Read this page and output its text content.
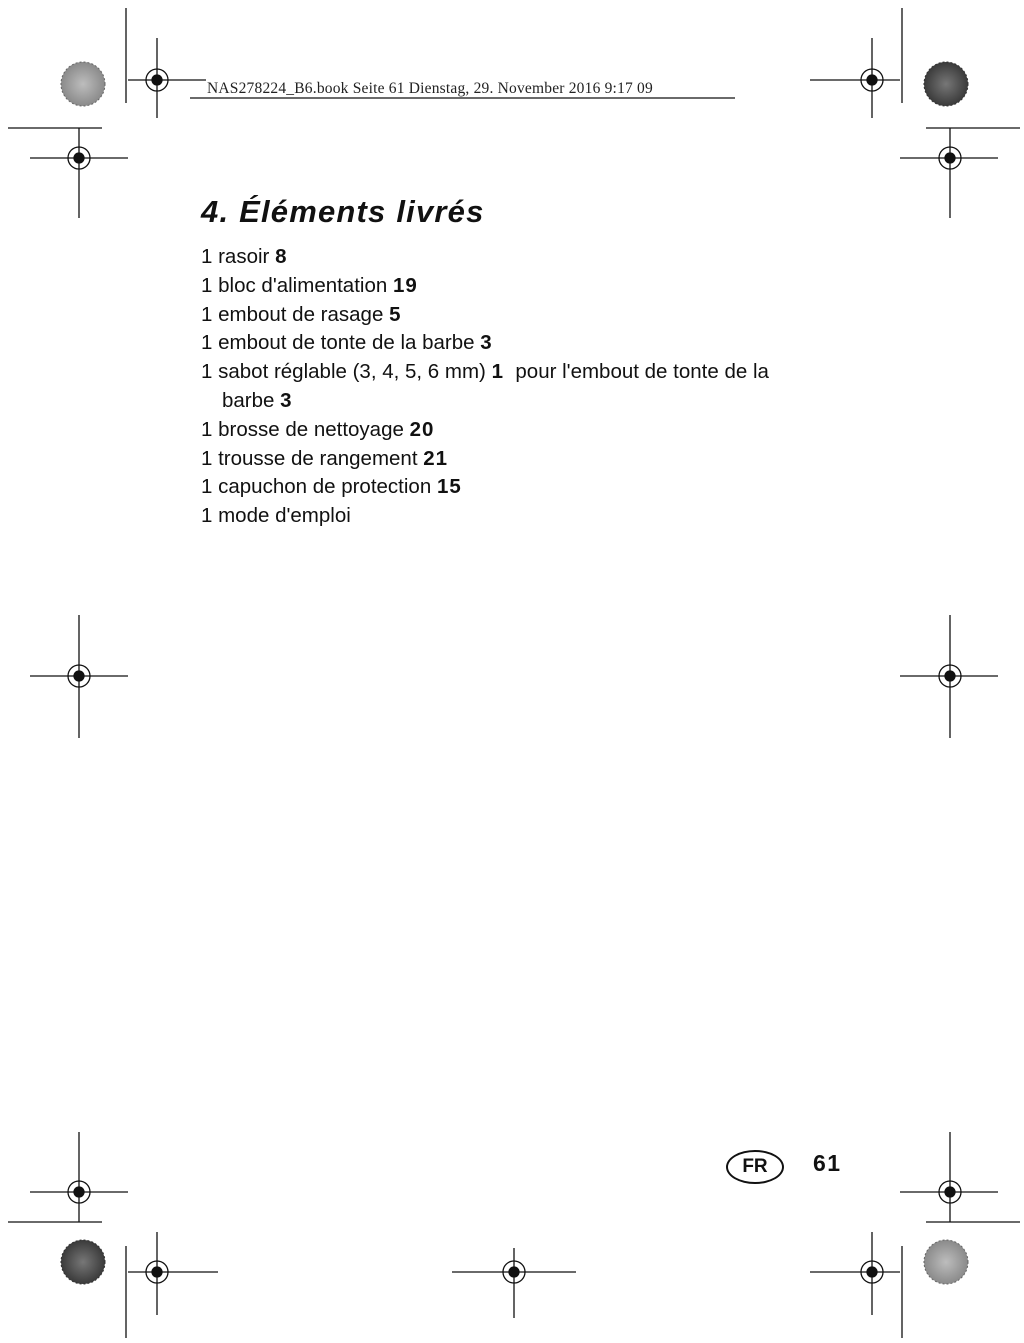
NAS278224_B6.book Seite 61 Dienstag, 29. November 2016 9:17 09
4. Éléments livrés
1 rasoir 8
1 bloc d'alimentation 19
1 embout de rasage 5
1 embout de tonte de la barbe 3
1 sabot réglable (3, 4, 5, 6 mm) 1 pour l'embout de tonte de la
barbe 3
1 brosse de nettoyage 20
1 trousse de rangement 21
1 capuchon de protection 15
1 mode d'emploi
FR	61
